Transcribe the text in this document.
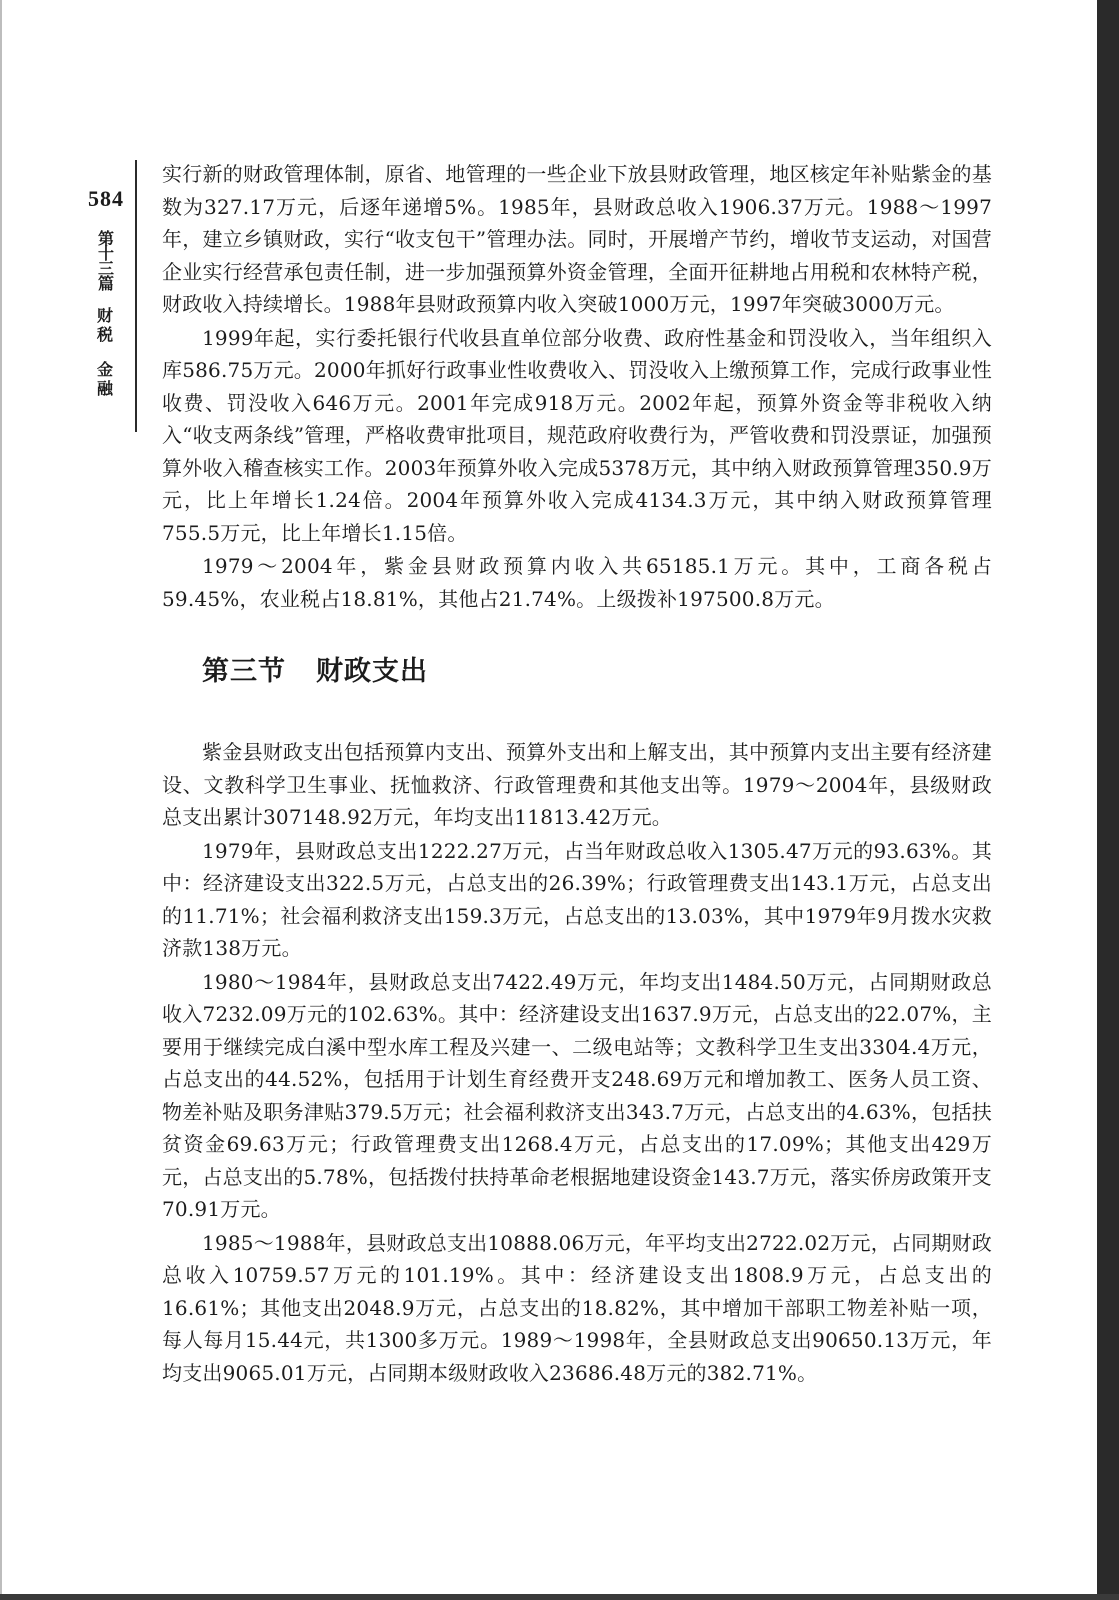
584
第十三篇
财
税
金
融

实行新的财政管理体制，原省、地管理的一些企业下放县财政管理，地区核定年补贴紫金的基数为327.17万元，后逐年递增5%。1985年，县财政总收入1906.37万元。1988～1997年，建立乡镇财政，实行“收支包干”管理办法。同时，开展增产节约，增收节支运动，对国营企业实行经营承包责任制，进一步加强预算外资金管理，全面开征耕地占用税和农林特产税，财政收入持续增长。1988年县财政预算内收入突破1000万元，1997年突破3000万元。

1999年起，实行委托银行代收县直单位部分收费、政府性基金和罚没收入，当年组织入库586.75万元。2000年抓好行政事业性收费收入、罚没收入上缴预算工作，完成行政事业性收费、罚没收入646万元。2001年完成918万元。2002年起，预算外资金等非税收入纳入“收支两条线”管理，严格收费审批项目，规范政府收费行为，严管收费和罚没票证，加强预算外收入稽查核实工作。2003年预算外收入完成5378万元，其中纳入财政预算管理350.9万元，比上年增长1.24倍。2004年预算外收入完成4134.3万元，其中纳入财政预算管理755.5万元，比上年增长1.15倍。

1979～2004年，紫金县财政预算内收入共65185.1万元。其中，工商各税占59.45%，农业税占18.81%，其他占21.74%。上级拨补197500.8万元。

第三节 财政支出

紫金县财政支出包括预算内支出、预算外支出和上解支出，其中预算内支出主要有经济建设、文教科学卫生事业、抚恤救济、行政管理费和其他支出等。1979～2004年，县级财政总支出累计307148.92万元，年均支出11813.42万元。

1979年，县财政总支出1222.27万元，占当年财政总收入1305.47万元的93.63%。其中：经济建设支出322.5万元，占总支出的26.39%；行政管理费支出143.1万元，占总支出的11.71%；社会福利救济支出159.3万元，占总支出的13.03%，其中1979年9月拨水灾救济款138万元。

1980～1984年，县财政总支出7422.49万元，年均支出1484.50万元，占同期财政总收入7232.09万元的102.63%。其中：经济建设支出1637.9万元，占总支出的22.07%，主要用于继续完成白溪中型水库工程及兴建一、二级电站等；文教科学卫生支出3304.4万元，占总支出的44.52%，包括用于计划生育经费开支248.69万元和增加教工、医务人员工资、物差补贴及职务津贴379.5万元；社会福利救济支出343.7万元，占总支出的4.63%，包括扶贫资金69.63万元；行政管理费支出1268.4万元，占总支出的17.09%；其他支出429万元，占总支出的5.78%，包括拨付扶持革命老根据地建设资金143.7万元，落实侨房政策开支70.91万元。

1985～1988年，县财政总支出10888.06万元，年平均支出2722.02万元，占同期财政总收入10759.57万元的101.19%。其中：经济建设支出1808.9万元，占总支出的16.61%；其他支出2048.9万元，占总支出的18.82%，其中增加干部职工物差补贴一项，每人每月15.44元，共1300多万元。1989～1998年，全县财政总支出90650.13万元，年均支出9065.01万元，占同期本级财政收入23686.48万元的382.71%。
